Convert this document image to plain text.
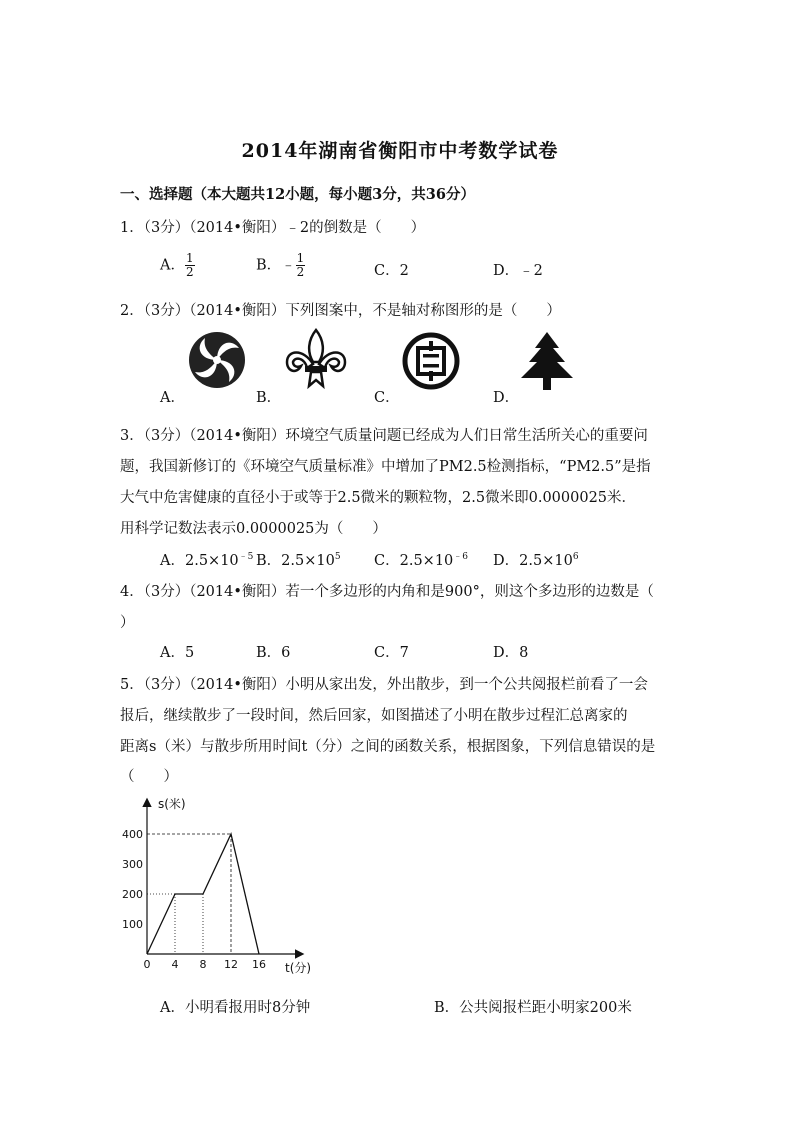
2014年湖南省衡阳市中考数学试卷
一、选择题（本大题共12小题，每小题3分，共36分）
1．（3分）（2014•衡阳）﹣2的倒数是（　　）
A． $\frac{1}{2}$	B．﹣ $\frac{1}{2}$	C．2	D．﹣2
2．（3分）（2014•衡阳）下列图案中，不是轴对称图形的是（　　）
A．	B．	C．	D．
3．（3分）（2014•衡阳）环境空气质量问题已经成为人们日常生活所关心的重要问
题，我国新修订的《环境空气质量标准》中增加了PM2.5检测指标，“PM2.5”是指
大气中危害健康的直径小于或等于2.5微米的颗粒物，2.5微米即0.0000025米．
用科学记数法表示0.0000025为（　　）
A．$2.5\times 10^{﹣5}$ B．$2.5\times 10^5$ C．$2.5\times 10^{﹣6}$ D．$2.5\times 10^6$
4．（3分）（2014•衡阳）若一个多边形的内角和是900°，则这个多边形的边数是（
）
A．5	B．6	C．7	D．8
5．（3分）（2014•衡阳）小明从家出发，外出散步，到一个公共阅报栏前看了一会
报后，继续散步了一段时间，然后回家，如图描述了小明在散步过程汇总离家的
距离s（米）与散步所用时间t（分）之间的函数关系，根据图象，下列信息错误的是
（　　）
0 4 8 12 16
100
200
300
400
s(米)
t(分)
A．小明看报用时8分钟	B．公共阅报栏距小明家200米
